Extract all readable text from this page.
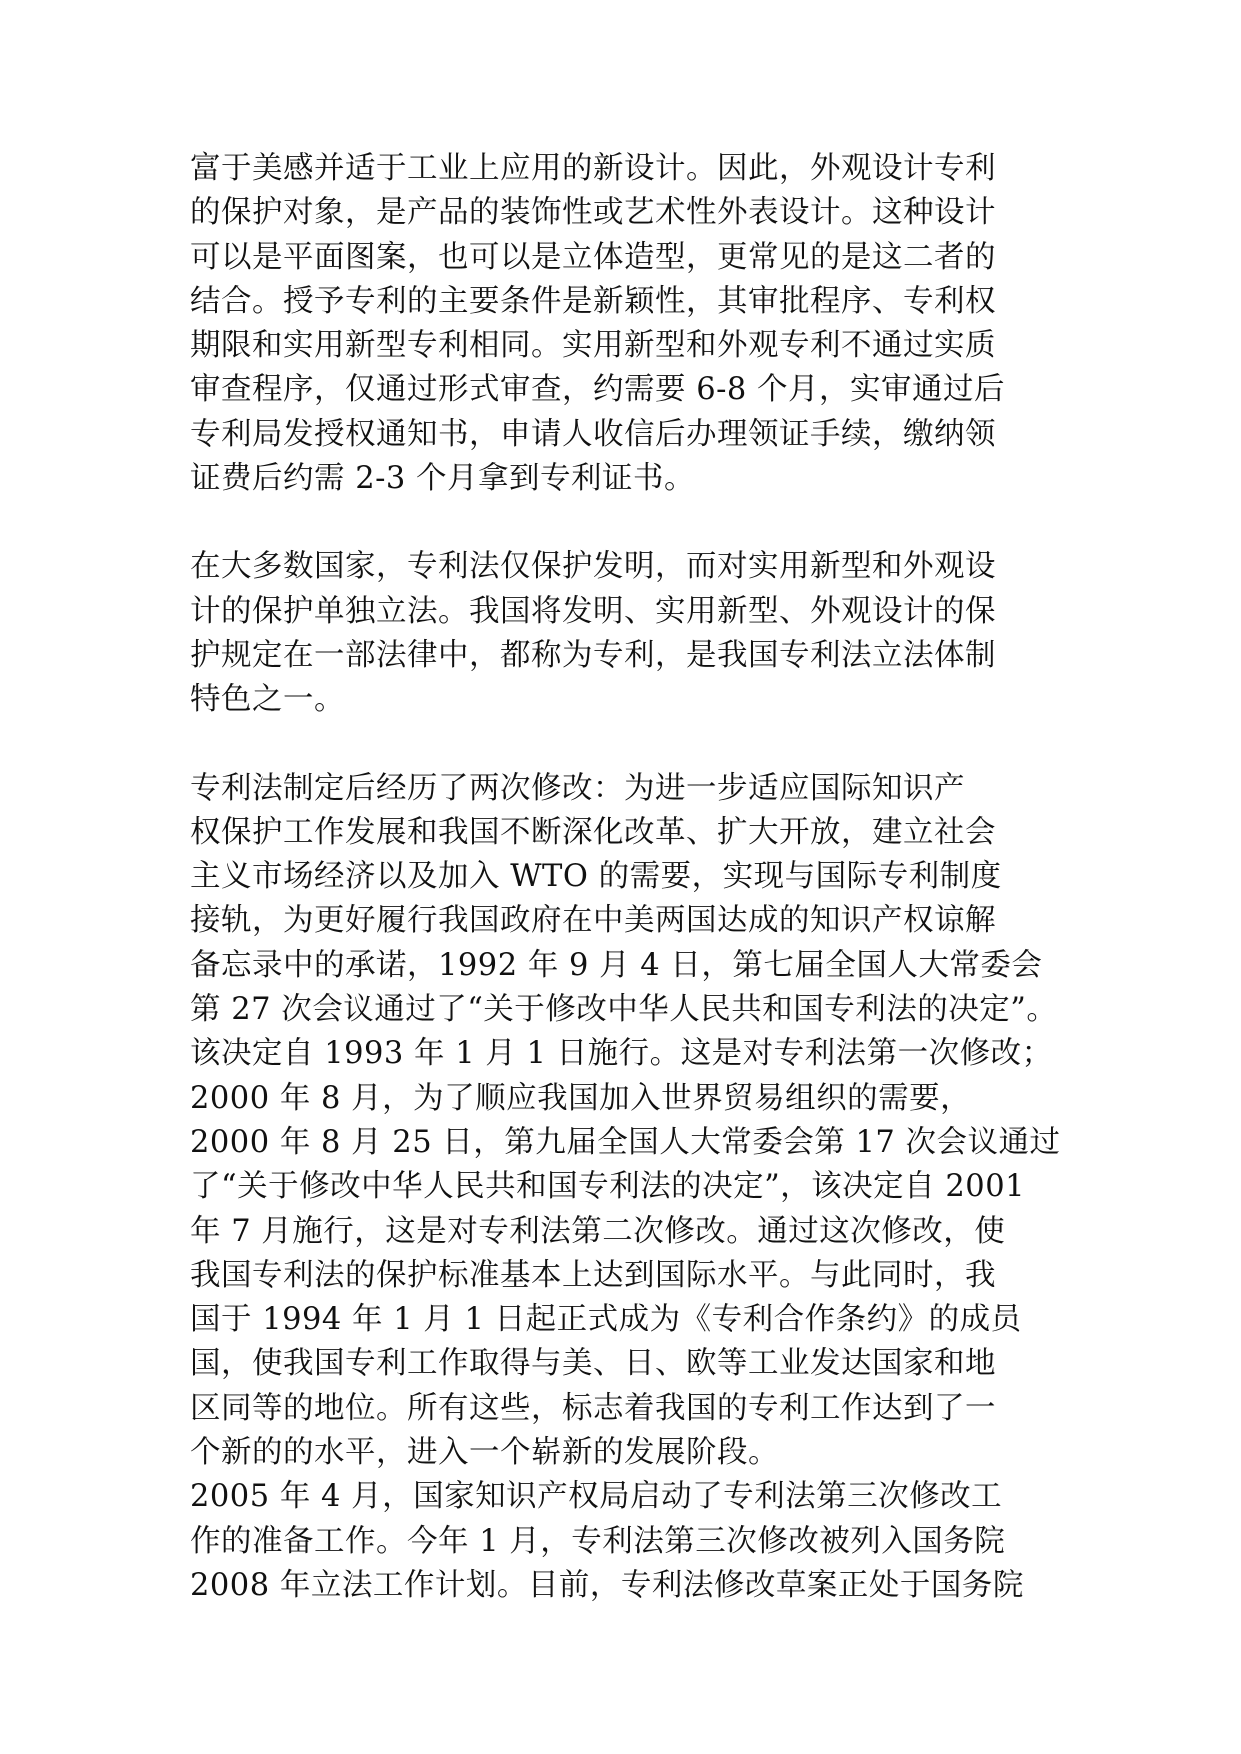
富于美感并适于工业上应用的新设计。因此，外观设计专利
的保护对象，是产品的装饰性或艺术性外表设计。这种设计
可以是平面图案，也可以是立体造型，更常见的是这二者的
结合。授予专利的主要条件是新颖性，其审批程序、专利权
期限和实用新型专利相同。实用新型和外观专利不通过实质
审查程序，仅通过形式审查，约需要 6-8 个月，实审通过后
专利局发授权通知书，申请人收信后办理领证手续，缴纳领
证费后约需 2-3 个月拿到专利证书。
在大多数国家，专利法仅保护发明，而对实用新型和外观设
计的保护单独立法。我国将发明、实用新型、外观设计的保
护规定在一部法律中，都称为专利，是我国专利法立法体制
特色之一。
专利法制定后经历了两次修改：为进一步适应国际知识产
权保护工作发展和我国不断深化改革、扩大开放，建立社会
主义市场经济以及加入 WTO 的需要，实现与国际专利制度
接轨，为更好履行我国政府在中美两国达成的知识产权谅解
备忘录中的承诺，1992 年 9 月 4 日，第七届全国人大常委会
第 27 次会议通过了“关于修改中华人民共和国专利法的决定”。
该决定自 1993 年 1 月 1 日施行。这是对专利法第一次修改；
2000 年 8 月，为了顺应我国加入世界贸易组织的需要，
2000 年 8 月 25 日，第九届全国人大常委会第 17 次会议通过
了“关于修改中华人民共和国专利法的决定”，该决定自 2001
年 7 月施行，这是对专利法第二次修改。通过这次修改，使
我国专利法的保护标准基本上达到国际水平。与此同时，我
国于 1994 年 1 月 1 日起正式成为《专利合作条约》的成员
国，使我国专利工作取得与美、日、欧等工业发达国家和地
区同等的地位。所有这些，标志着我国的专利工作达到了一
个新的的水平，进入一个崭新的发展阶段。
2005 年 4 月，国家知识产权局启动了专利法第三次修改工
作的准备工作。今年 1 月，专利法第三次修改被列入国务院
2008 年立法工作计划。目前，专利法修改草案正处于国务院
